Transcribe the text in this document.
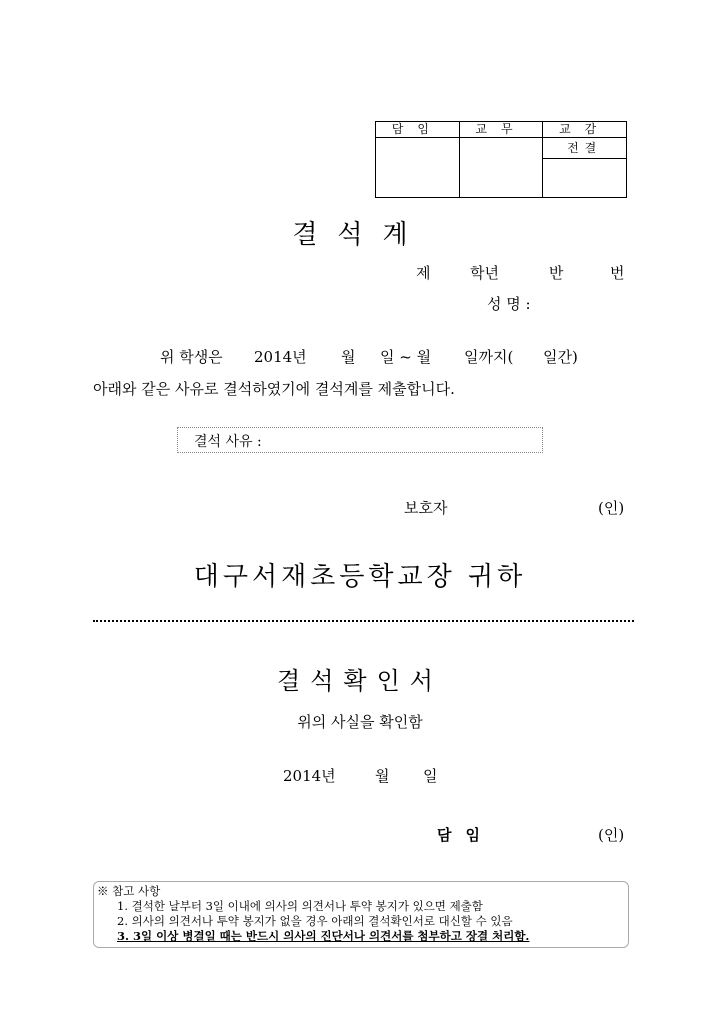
담임	교무	교감

		전결
결석계
제	학년	반	번
성 명 :
위 학생은 2014년 월 일 ~ 월 일까지( 일간)
아래와 같은 사유로 결석하였기에 결석계를 제출합니다.
결석 사유 :
보호자	(인)
대구서재초등학교장 귀하
결석확인서
위의 사실을 확인함
2014년	월 일
담임	(인)
※ 참고 사항
1. 결석한 날부터 3일 이내에 의사의 의견서나 투약 봉지가 있으면 제출함
2. 의사의 의견서나 투약 봉지가 없을 경우 아래의 결석확인서로 대신할 수 있음
3. 3일 이상 병결일 때는 반드시 의사의 진단서나 의견서를 첨부하고 장결 처리함.
